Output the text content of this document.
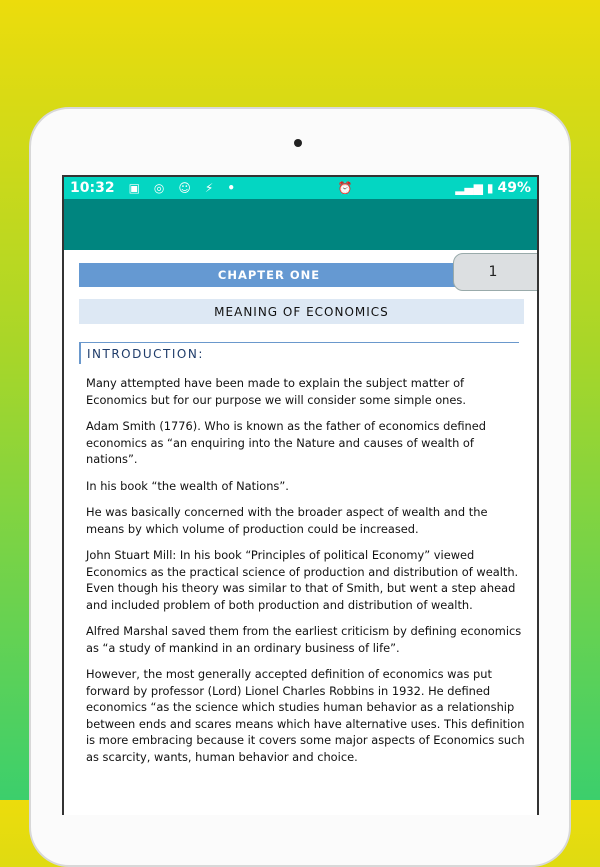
10:32 ▣ ◎ ☺ ⚡ •	⏰	▂▄▆ ▮ 49%
CHAPTER ONE	1
MEANING OF ECONOMICS
INTRODUCTION:

Many attempted have been made to explain the subject matter of Economics but for our purpose we will consider some simple ones.

Adam Smith (1776). Who is known as the father of economics defined economics as “an enquiring into the Nature and causes of wealth of nations”.

In his book “the wealth of Nations”.

He was basically concerned with the broader aspect of wealth and the means by which volume of production could be increased.

John Stuart Mill: In his book “Principles of political Economy” viewed Economics as the practical science of production and distribution of wealth. Even though his theory was similar to that of Smith, but went a step ahead and included problem of both production and distribution of wealth.

Alfred Marshal saved them from the earliest criticism by defining economics as “a study of mankind in an ordinary business of life”.

However, the most generally accepted definition of economics was put forward by professor (Lord) Lionel Charles Robbins in 1932. He defined economics “as the science which studies human behavior as a relationship between ends and scares means which have alternative uses. This definition is more embracing because it covers some major aspects of Economics such as scarcity, wants, human behavior and choice.
